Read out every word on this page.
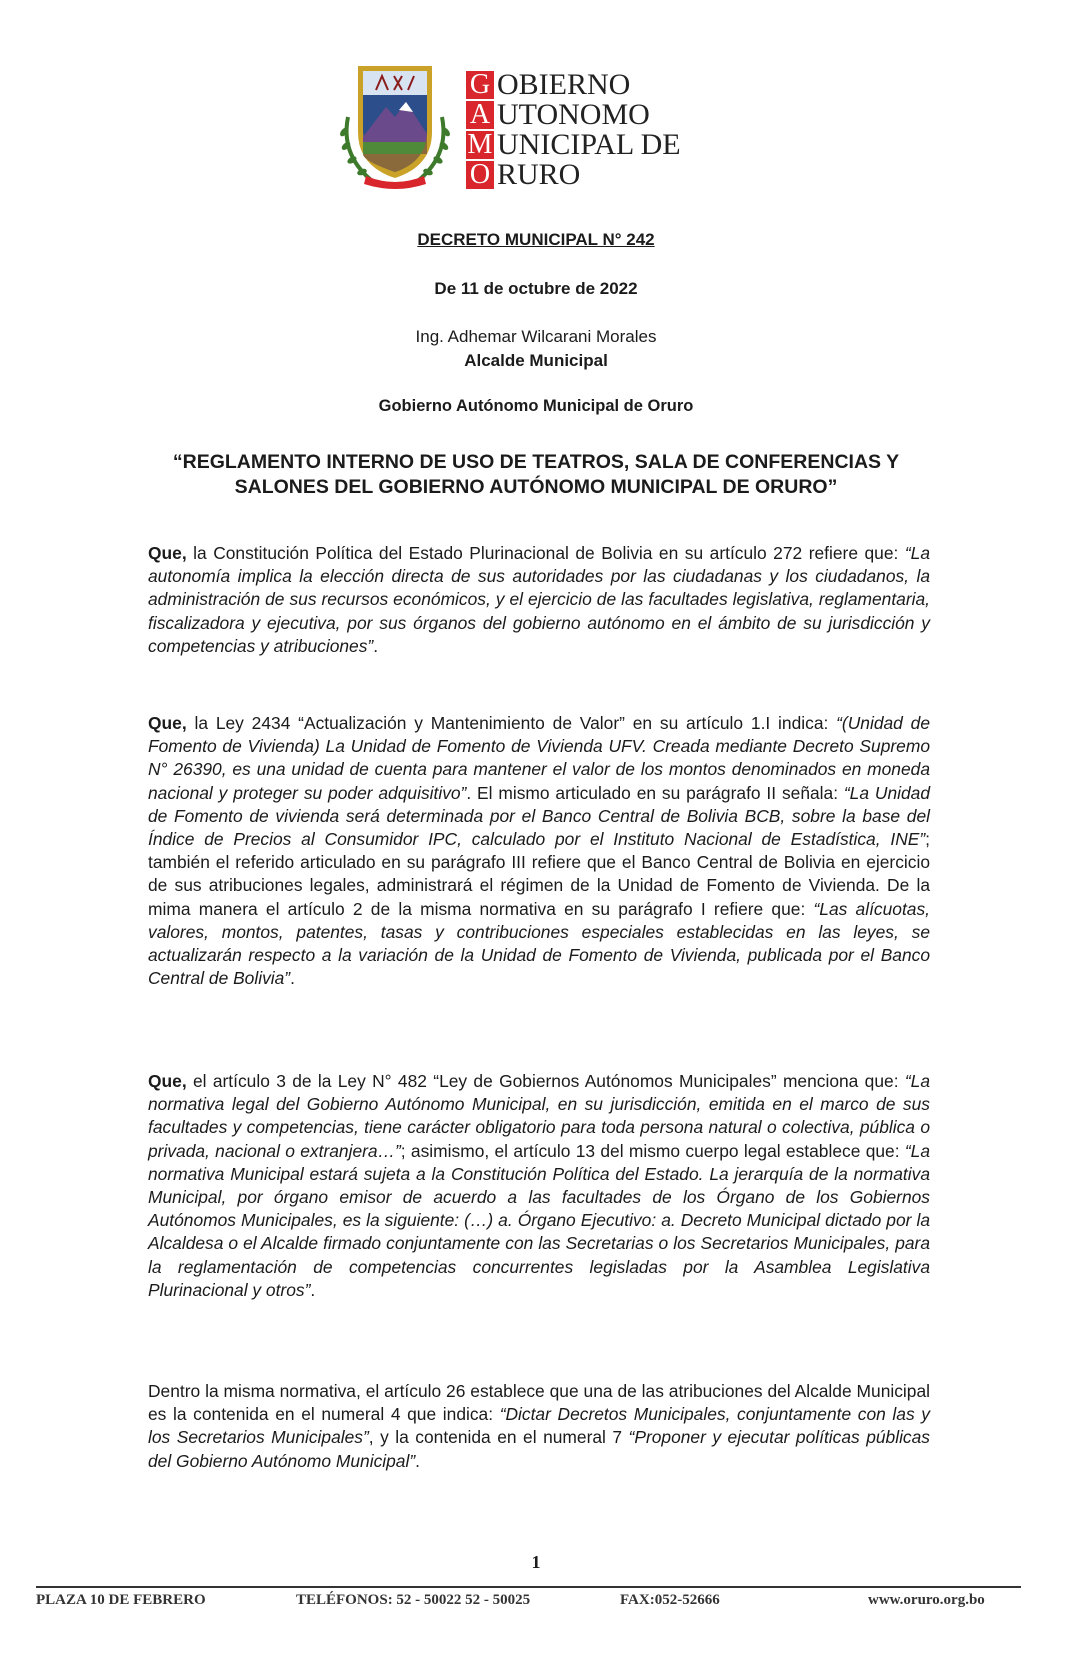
G OBIERNO
A UTONOMO
M UNICIPAL DE
O RURO
DECRETO MUNICIPAL N° 242
De 11 de octubre de 2022
Ing. Adhemar Wilcarani Morales
Alcalde Municipal
Gobierno Autónomo Municipal de Oruro
“REGLAMENTO INTERNO DE USO DE TEATROS, SALA DE CONFERENCIAS Y
SALONES DEL GOBIERNO AUTÓNOMO MUNICIPAL DE ORURO”
Que, la Constitución Política del Estado Plurinacional de Bolivia en su artículo 272 refiere que: “La autonomía implica la elección directa de sus autoridades por las ciudadanas y los ciudadanos, la administración de sus recursos económicos, y el ejercicio de las facultades legislativa, reglamentaria, fiscalizadora y ejecutiva, por sus órganos del gobierno autónomo en el ámbito de su jurisdicción y competencias y atribuciones”.
Que, la Ley 2434 “Actualización y Mantenimiento de Valor” en su artículo 1.I indica: “(Unidad de Fomento de Vivienda) La Unidad de Fomento de Vivienda UFV. Creada mediante Decreto Supremo N° 26390, es una unidad de cuenta para mantener el valor de los montos denominados en moneda nacional y proteger su poder adquisitivo”. El mismo articulado en su parágrafo II señala: “La Unidad de Fomento de vivienda será determinada por el Banco Central de Bolivia BCB, sobre la base del Índice de Precios al Consumidor IPC, calculado por el Instituto Nacional de Estadística, INE”; también el referido articulado en su parágrafo III refiere que el Banco Central de Bolivia en ejercicio de sus atribuciones legales, administrará el régimen de la Unidad de Fomento de Vivienda. De la mima manera el artículo 2 de la misma normativa en su parágrafo I refiere que: “Las alícuotas, valores, montos, patentes, tasas y contribuciones especiales establecidas en las leyes, se actualizarán respecto a la variación de la Unidad de Fomento de Vivienda, publicada por el Banco Central de Bolivia”.
Que, el artículo 3 de la Ley N° 482 “Ley de Gobiernos Autónomos Municipales” menciona que: “La normativa legal del Gobierno Autónomo Municipal, en su jurisdicción, emitida en el marco de sus facultades y competencias, tiene carácter obligatorio para toda persona natural o colectiva, pública o privada, nacional o extranjera…”; asimismo, el artículo 13 del mismo cuerpo legal establece que: “La normativa Municipal estará sujeta a la Constitución Política del Estado. La jerarquía de la normativa Municipal, por órgano emisor de acuerdo a las facultades de los Órgano de los Gobiernos Autónomos Municipales, es la siguiente: (…) a. Órgano Ejecutivo: a. Decreto Municipal dictado por la Alcaldesa o el Alcalde firmado conjuntamente con las Secretarias o los Secretarios Municipales, para la reglamentación de competencias concurrentes legisladas por la Asamblea Legislativa Plurinacional y otros”.
Dentro la misma normativa, el artículo 26 establece que una de las atribuciones del Alcalde Municipal es la contenida en el numeral 4 que indica: “Dictar Decretos Municipales, conjuntamente con las y los Secretarios Municipales”, y la contenida en el numeral 7 “Proponer y ejecutar políticas públicas del Gobierno Autónomo Municipal”.
1
PLAZA 10 DE FEBRERO	TELÉFONOS: 52 - 50022 52 - 50025	FAX:052-52666	www.oruro.org.bo
